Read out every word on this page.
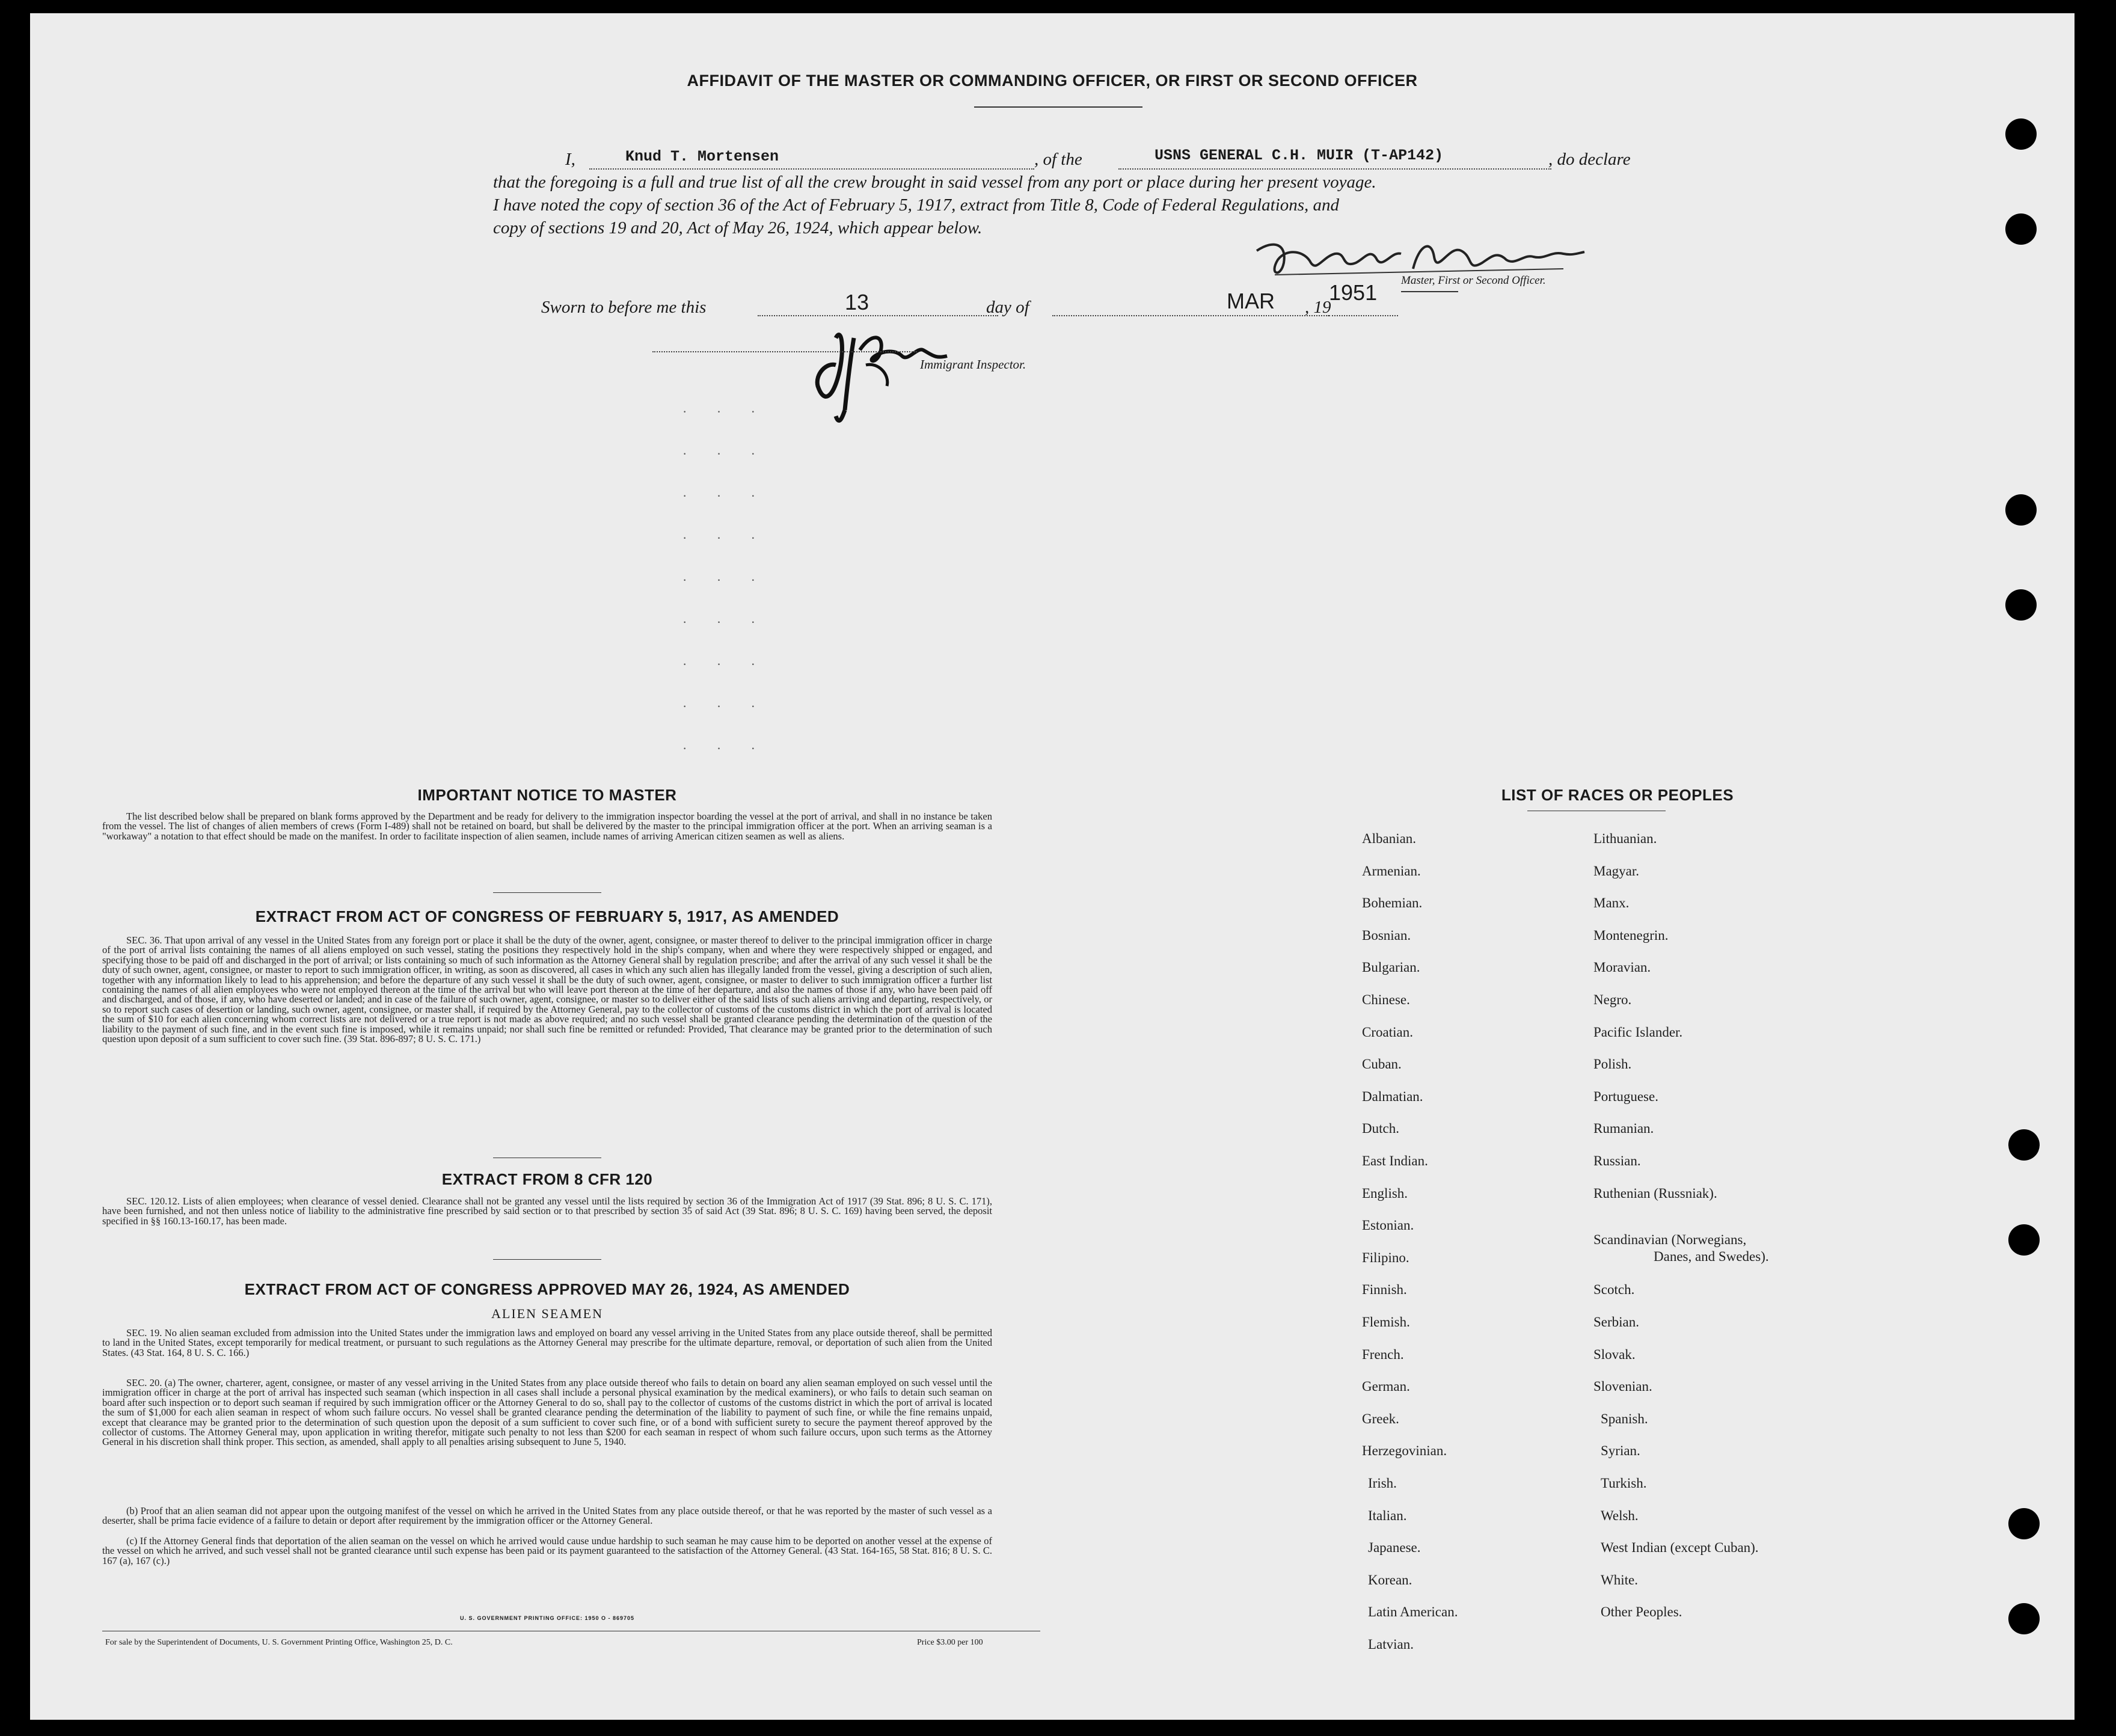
AFFIDAVIT OF THE MASTER OR COMMANDING OFFICER, OR FIRST OR SECOND OFFICER
I,	Knud T. Mortensen	, of the	USNS GENERAL C.H. MUIR (T-AP142)	, do declare
that the foregoing is a full and true list of all the crew brought in said vessel from any port or place during her present voyage.
I have noted the copy of section 36 of the Act of February 5, 1917, extract from Title 8, Code of Federal Regulations, and
copy of sections 19 and 20, Act of May 26, 1924, which appear below.
Master, First or Second Officer.
Sworn to before me this	13	day of	MAR , 19
1951
Immigrant Inspector.
· · ·
· · ·
· · ·
· · ·
· · ·
· · ·
· · ·
· · ·
· · ·
IMPORTANT NOTICE TO MASTER
The list described below shall be prepared on blank forms approved by the Department and be ready for delivery to the immigration inspector boarding the vessel at the port of arrival, and shall in no instance be taken from the vessel. The list of changes of alien members of crews (Form I-489) shall not be retained on board, but shall be delivered by the master to the principal immigration officer at the port. When an arriving seaman is a "workaway" a notation to that effect should be made on the manifest. In order to facilitate inspection of alien seamen, include names of arriving American citizen seamen as well as aliens.
EXTRACT FROM ACT OF CONGRESS OF FEBRUARY 5, 1917, AS AMENDED
SEC. 36. That upon arrival of any vessel in the United States from any foreign port or place it shall be the duty of the owner, agent, consignee, or master thereof to deliver to the principal immigration officer in charge of the port of arrival lists containing the names of all aliens employed on such vessel, stating the positions they respectively hold in the ship's company, when and where they were respectively shipped or engaged, and specifying those to be paid off and discharged in the port of arrival; or lists containing so much of such information as the Attorney General shall by regulation prescribe; and after the arrival of any such vessel it shall be the duty of such owner, agent, consignee, or master to report to such immigration officer, in writing, as soon as discovered, all cases in which any such alien has illegally landed from the vessel, giving a description of such alien, together with any information likely to lead to his apprehension; and before the departure of any such vessel it shall be the duty of such owner, agent, consignee, or master to deliver to such immigration officer a further list containing the names of all alien employees who were not employed thereon at the time of the arrival but who will leave port thereon at the time of her departure, and also the names of those if any, who have been paid off and discharged, and of those, if any, who have deserted or landed; and in case of the failure of such owner, agent, consignee, or master so to deliver either of the said lists of such aliens arriving and departing, respectively, or so to report such cases of desertion or landing, such owner, agent, consignee, or master shall, if required by the Attorney General, pay to the collector of customs of the customs district in which the port of arrival is located the sum of $10 for each alien concerning whom correct lists are not delivered or a true report is not made as above required; and no such vessel shall be granted clearance pending the determination of the question of the liability to the payment of such fine, and in the event such fine is imposed, while it remains unpaid; nor shall such fine be remitted or refunded: Provided, That clearance may be granted prior to the determination of such question upon deposit of a sum sufficient to cover such fine. (39 Stat. 896-897; 8 U. S. C. 171.)
EXTRACT FROM 8 CFR 120
SEC. 120.12. Lists of alien employees; when clearance of vessel denied. Clearance shall not be granted any vessel until the lists required by section 36 of the Immigration Act of 1917 (39 Stat. 896; 8 U. S. C. 171), have been furnished, and not then unless notice of liability to the administrative fine prescribed by said section or to that prescribed by section 35 of said Act (39 Stat. 896; 8 U. S. C. 169) having been served, the deposit specified in §§ 160.13-160.17, has been made.
EXTRACT FROM ACT OF CONGRESS APPROVED MAY 26, 1924, AS AMENDED
ALIEN SEAMEN
SEC. 19. No alien seaman excluded from admission into the United States under the immigration laws and employed on board any vessel arriving in the United States from any place outside thereof, shall be permitted to land in the United States, except temporarily for medical treatment, or pursuant to such regulations as the Attorney General may prescribe for the ultimate departure, removal, or deportation of such alien from the United States. (43 Stat. 164, 8 U. S. C. 166.)
SEC. 20. (a) The owner, charterer, agent, consignee, or master of any vessel arriving in the United States from any place outside thereof who fails to detain on board any alien seaman employed on such vessel until the immigration officer in charge at the port of arrival has inspected such seaman (which inspection in all cases shall include a personal physical examination by the medical examiners), or who fails to detain such seaman on board after such inspection or to deport such seaman if required by such immigration officer or the Attorney General to do so, shall pay to the collector of customs of the customs district in which the port of arrival is located the sum of $1,000 for each alien seaman in respect of whom such failure occurs. No vessel shall be granted clearance pending the determination of the liability to payment of such fine, or while the fine remains unpaid, except that clearance may be granted prior to the determination of such question upon the deposit of a sum sufficient to cover such fine, or of a bond with sufficient surety to secure the payment thereof approved by the collector of customs. The Attorney General may, upon application in writing therefor, mitigate such penalty to not less than $200 for each seaman in respect of whom such failure occurs, upon such terms as the Attorney General in his discretion shall think proper. This section, as amended, shall apply to all penalties arising subsequent to June 5, 1940.
(b) Proof that an alien seaman did not appear upon the outgoing manifest of the vessel on which he arrived in the United States from any place outside thereof, or that he was reported by the master of such vessel as a deserter, shall be prima facie evidence of a failure to detain or deport after requirement by the immigration officer or the Attorney General.
(c) If the Attorney General finds that deportation of the alien seaman on the vessel on which he arrived would cause undue hardship to such seaman he may cause him to be deported on another vessel at the expense of the vessel on which he arrived, and such vessel shall not be granted clearance until such expense has been paid or its payment guaranteed to the satisfaction of the Attorney General. (43 Stat. 164-165, 58 Stat. 816; 8 U. S. C. 167 (a), 167 (c).)
U. S. GOVERNMENT PRINTING OFFICE: 1950 O - 869705
For sale by the Superintendent of Documents, U. S. Government Printing Office, Washington 25, D. C.	Price $3.00 per 100
LIST OF RACES OR PEOPLES
Albanian.
Armenian.
Bohemian.
Bosnian.
Bulgarian.
Chinese.
Croatian.
Cuban.
Dalmatian.
Dutch.
East Indian.
English.
Estonian.
Filipino.
Finnish.
Flemish.
French.
German.
Greek.
Herzegovinian.
Irish.
Italian.
Japanese.
Korean.
Latin American.
Latvian.
Lithuanian.
Magyar.
Manx.
Montenegrin.
Moravian.
Negro.
Pacific Islander.
Polish.
Portuguese.
Rumanian.
Russian.
Ruthenian (Russniak).
Scandinavian (Norwegians,
Danes, and Swedes).
Scotch.
Serbian.
Slovak.
Slovenian.
Spanish.
Syrian.
Turkish.
Welsh.
West Indian (except Cuban).
White.
Other Peoples.
